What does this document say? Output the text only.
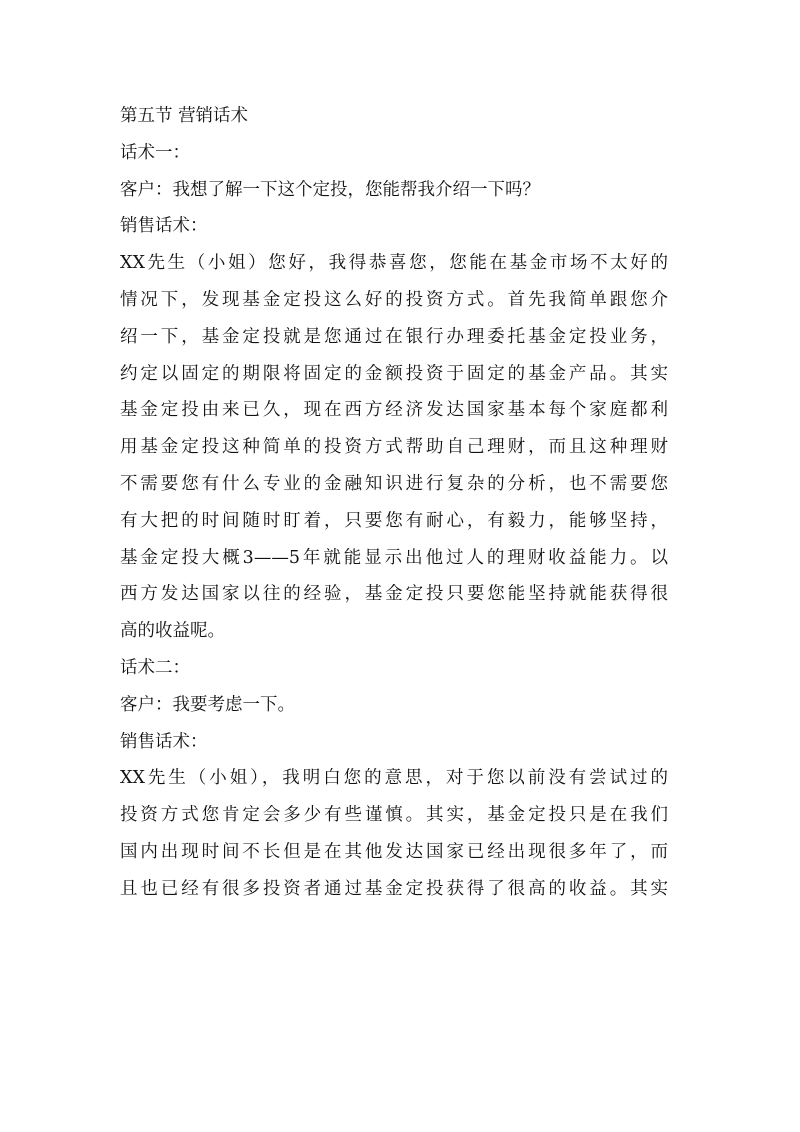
第五节 营销话术
话术一：
客户：我想了解一下这个定投，您能帮我介绍一下吗？
销售话术：
XX先生（小姐）您好，我得恭喜您，您能在基金市场不太好的
情况下，发现基金定投这么好的投资方式。首先我简单跟您介
绍一下，基金定投就是您通过在银行办理委托基金定投业务，
约定以固定的期限将固定的金额投资于固定的基金产品。其实
基金定投由来已久，现在西方经济发达国家基本每个家庭都利
用基金定投这种简单的投资方式帮助自己理财，而且这种理财
不需要您有什么专业的金融知识进行复杂的分析，也不需要您
有大把的时间随时盯着，只要您有耐心，有毅力，能够坚持，
基金定投大概3——5年就能显示出他过人的理财收益能力。以
西方发达国家以往的经验，基金定投只要您能坚持就能获得很
高的收益呢。
话术二：
客户：我要考虑一下。
销售话术：
XX先生（小姐），我明白您的意思，对于您以前没有尝试过的
投资方式您肯定会多少有些谨慎。其实，基金定投只是在我们
国内出现时间不长但是在其他发达国家已经出现很多年了，而
且也已经有很多投资者通过基金定投获得了很高的收益。其实
